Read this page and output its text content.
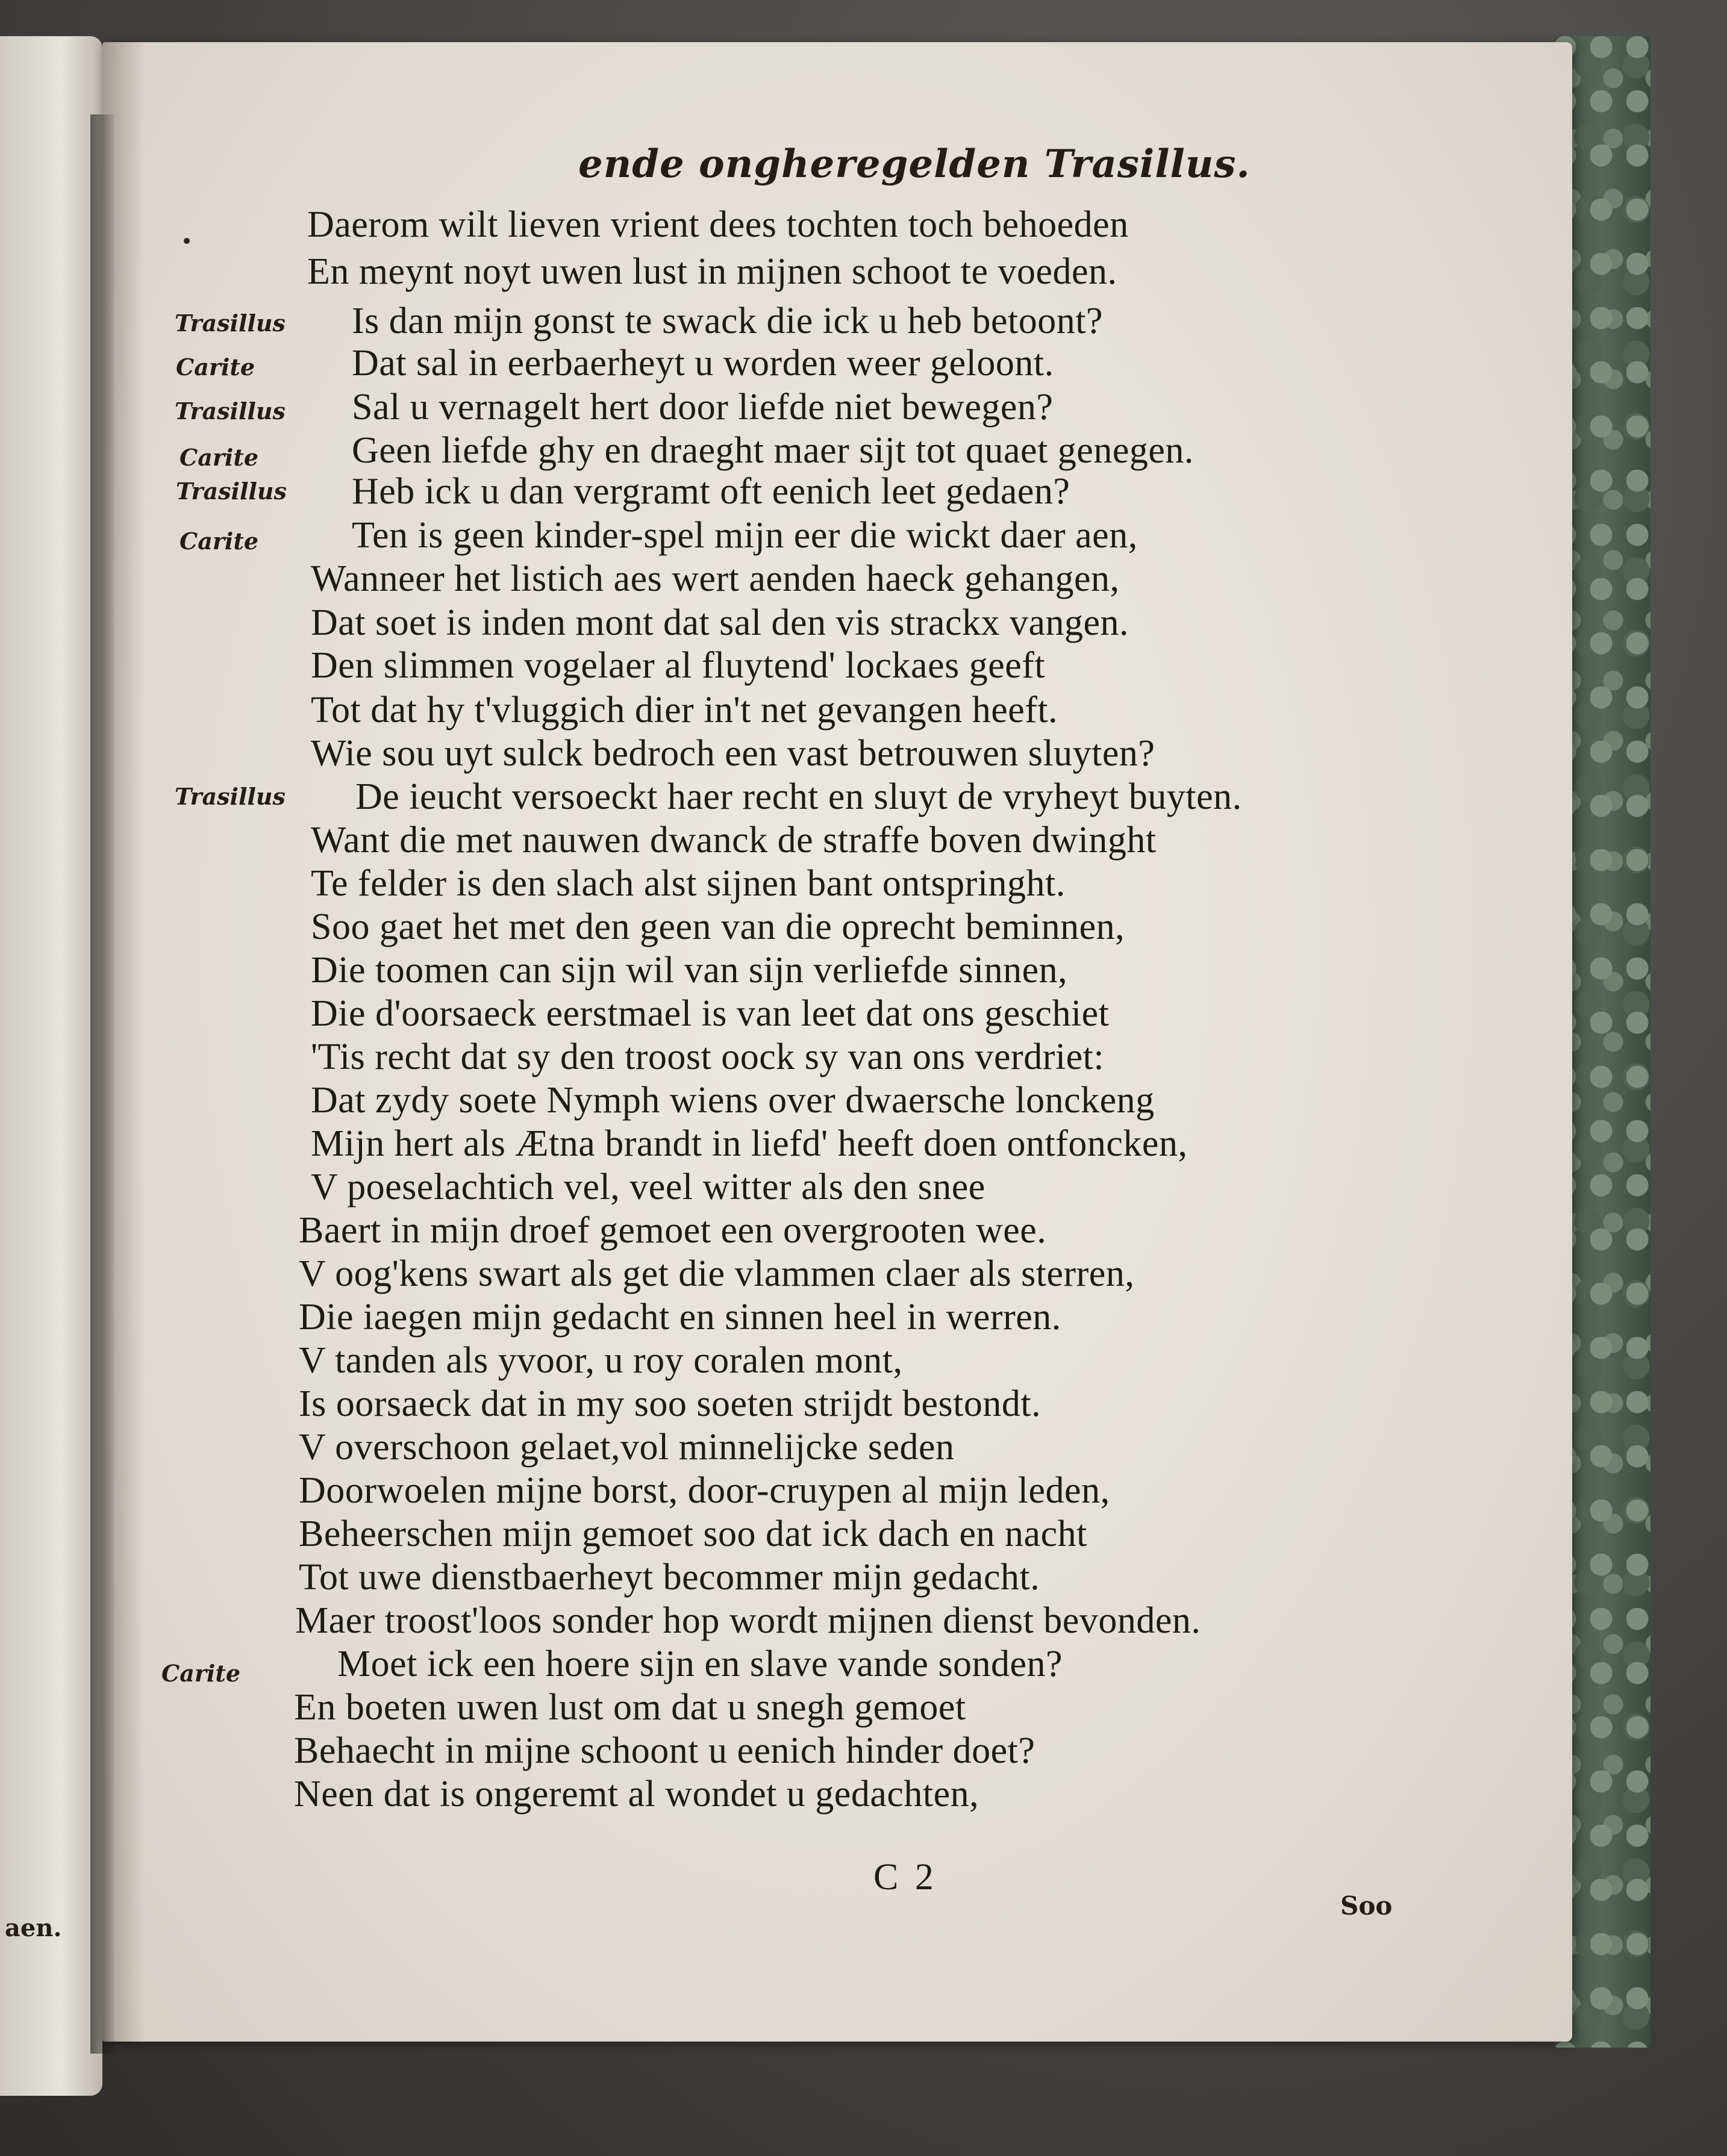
aen.
ende ongheregelden Trasillus.
Trasillus
Carite
Trasillus
Carite
Trasillus
Carite
Trasillus
Carite
Daerom wilt lieven vrient dees tochten toch behoeden
En meynt noyt uwen lust in mijnen schoot te voeden.
Is dan mijn gonst te swack die ick u heb betoont?
Dat sal in eerbaerheyt u worden weer geloont.
Sal u vernagelt hert door liefde niet bewegen?
Geen liefde ghy en draeght maer sijt tot quaet genegen.
Heb ick u dan vergramt oft eenich leet gedaen?
Ten is geen kinder-spel mijn eer die wickt daer aen,
Wanneer het listich aes wert aenden haeck gehangen,
Dat soet is inden mont dat sal den vis strackx vangen.
Den slimmen vogelaer al fluytend' lockaes geeft
Tot dat hy t'vluggich dier in't net gevangen heeft.
Wie sou uyt sulck bedroch een vast betrouwen sluyten?
De ieucht versoeckt haer recht en sluyt de vryheyt buyten.
Want die met nauwen dwanck de straffe boven dwinght
Te felder is den slach alst sijnen bant ontspringht.
Soo gaet het met den geen van die oprecht beminnen,
Die toomen can sijn wil van sijn verliefde sinnen,
Die d'oorsaeck eerstmael is van leet dat ons geschiet
'Tis recht dat sy den troost oock sy van ons verdriet:
Dat zydy soete Nymph wiens over dwaersche lonckeng
Mijn hert als Ætna brandt in liefd' heeft doen ontfoncken,
V poeselachtich vel, veel witter als den snee
Baert in mijn droef gemoet een overgrooten wee.
V oog'kens swart als get die vlammen claer als sterren,
Die iaegen mijn gedacht en sinnen heel in werren.
V tanden als yvoor, u roy coralen mont,
Is oorsaeck dat in my soo soeten strijdt bestondt.
V overschoon gelaet,vol minnelijcke seden
Doorwoelen mijne borst, door-cruypen al mijn leden,
Beheerschen mijn gemoet soo dat ick dach en nacht
Tot uwe dienstbaerheyt becommer mijn gedacht.
Maer troost'loos sonder hop wordt mijnen dienst bevonden.
Moet ick een hoere sijn en slave vande sonden?
En boeten uwen lust om dat u snegh gemoet
Behaecht in mijne schoont u eenich hinder doet?
Neen dat is ongeremt al wondet u gedachten,
C 2
Soo
